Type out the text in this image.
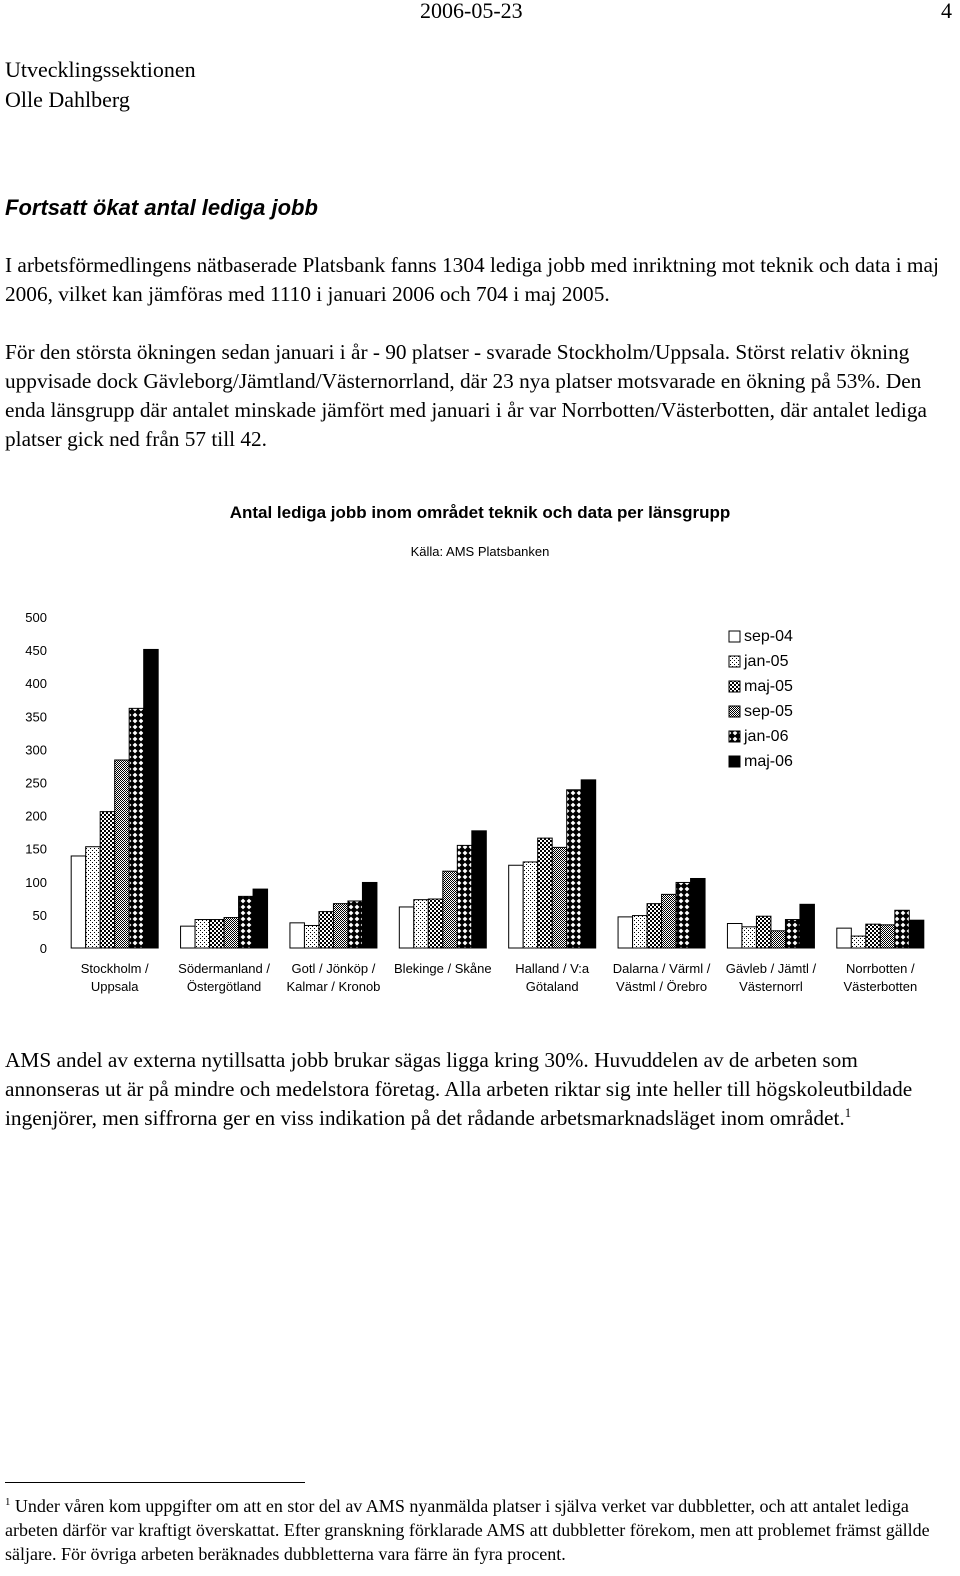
2006-05-23	4
Utvecklingssektionen
Olle Dahlberg
Fortsatt ökat antal lediga jobb

I arbetsförmedlingens nätbaserade Platsbank fanns 1304 lediga jobb med inriktning mot teknik och data i maj 2006, vilket kan jämföras med 1110 i januari 2006 och 704 i maj 2005.

För den största ökningen sedan januari i år - 90 platser - svarade Stockholm/Uppsala. Störst relativ ökning uppvisade dock Gävleborg/Jämtland/Västernorrland, där 23 nya platser motsvarade en ökning på 53%. Den enda länsgrupp där antalet minskade jämfört med januari i år var Norrbotten/Västerbotten, där antalet lediga platser gick ned från 57 till 42.

Antal lediga jobb inom området teknik och data per länsgrupp
Källa: AMS Platsbanken
0
50
100
150
200
250
300
350
400
450
500
Stockholm /
Uppsala
Södermanland /
Östergötland
Gotl / Jönköp /
Kalmar / Kronob
Blekinge / Skåne Halland / V:a
Götaland
Dalarna / Värml /
Västml / Örebro
Gävleb / Jämtl /
Västernorrl
Norrbotten /
Västerbotten
sep-04
jan-05
maj-05
sep-05
jan-06
maj-06

AMS andel av externa nytillsatta jobb brukar sägas ligga kring 30%. Huvuddelen av de arbeten som annonseras ut är på mindre och medelstora företag. Alla arbeten riktar sig inte heller till högskoleutbildade ingenjörer, men siffrorna ger en viss indikation på det rådande arbetsmarknadsläget inom området.$^1$

$^1$ Under våren kom uppgifter om att en stor del av AMS nyanmälda platser i själva verket var dubbletter, och att antalet lediga arbeten därför var kraftigt överskattat. Efter granskning förklarade AMS att dubbletter förekom, men att problemet främst gällde säljare. För övriga arbeten beräknades dubbletterna vara färre än fyra procent.
